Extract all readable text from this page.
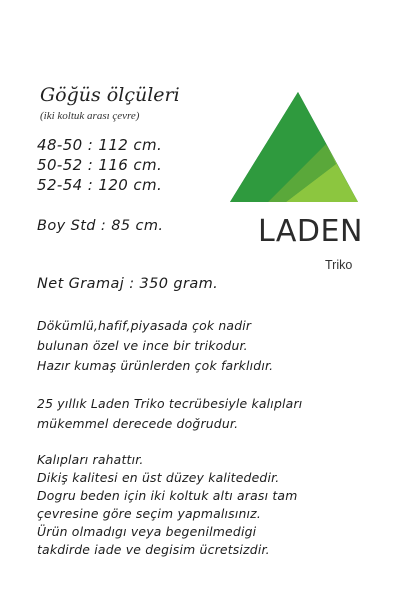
Göğüs ölçüleri
(iki koltuk arası çevre)
48-50 : 112 cm.
50-52 : 116 cm.
52-54 : 120 cm.
Boy Std : 85 cm.
Net Gramaj : 350 gram.
Dökümlü,hafif,piyasada çok nadir
bulunan özel ve ince bir trikodur.
Hazır kumaş ürünlerden çok farklıdır.
25 yıllık Laden Triko tecrübesiyle kalıpları
mükemmel derecede doğrudur.
Kalıpları rahattır.
Dikiş kalitesi en üst düzey kalitededir.
Dogru beden için iki koltuk altı arası tam
çevresine göre seçim yapmalısınız.
Ürün olmadıgı veya begenilmedigi
takdirde iade ve degisim ücretsizdir.
LADEN
Triko
